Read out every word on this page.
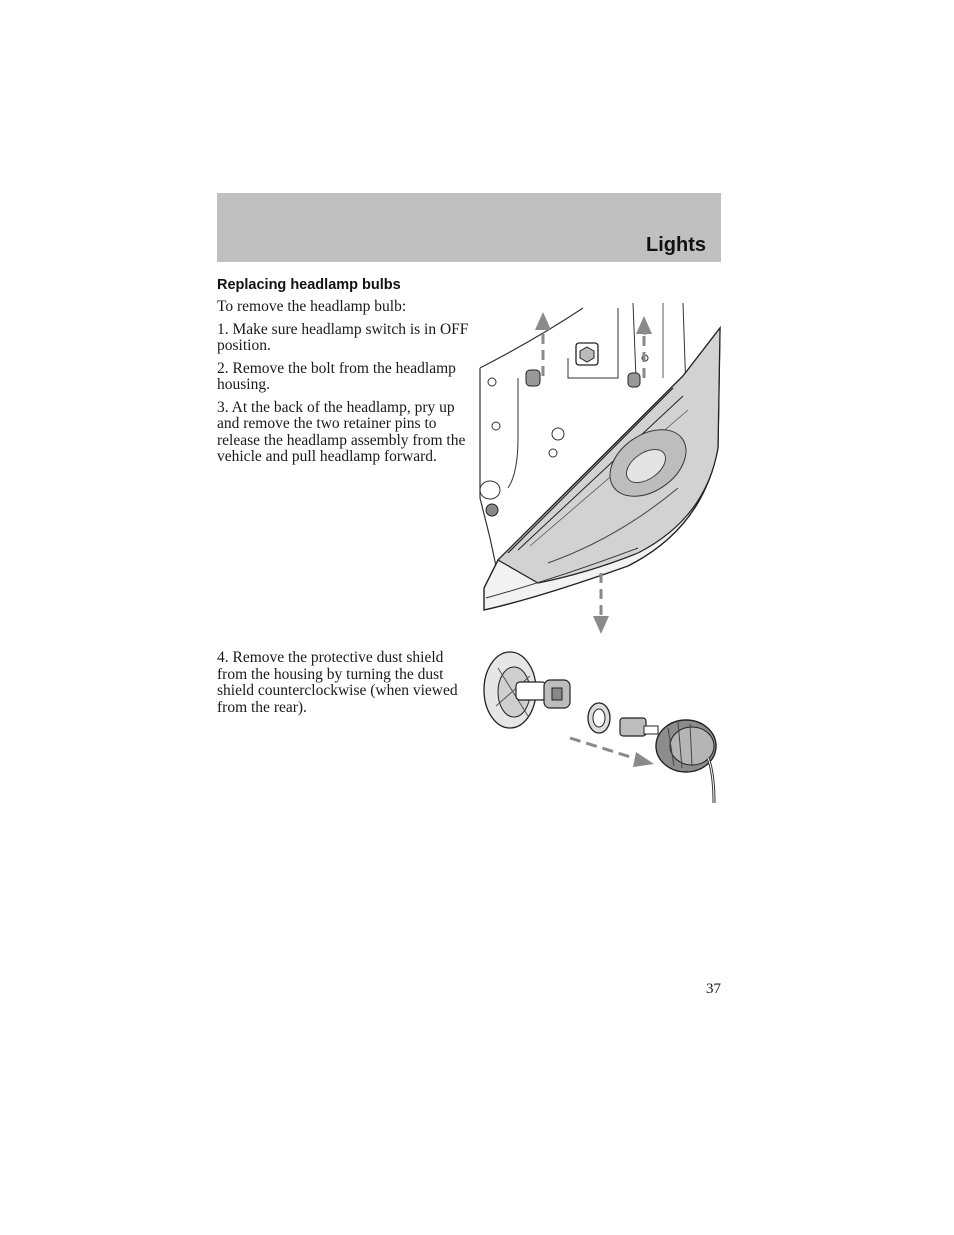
Lights
Replacing headlamp bulbs

To remove the headlamp bulb:

1. Make sure headlamp switch is in OFF position.

2. Remove the bolt from the headlamp housing.

3. At the back of the headlamp, pry up and remove the two retainer pins to release the headlamp assembly from the vehicle and pull headlamp forward.

4. Remove the protective dust shield from the housing by turning the dust shield counterclockwise (when viewed from the rear).

37
